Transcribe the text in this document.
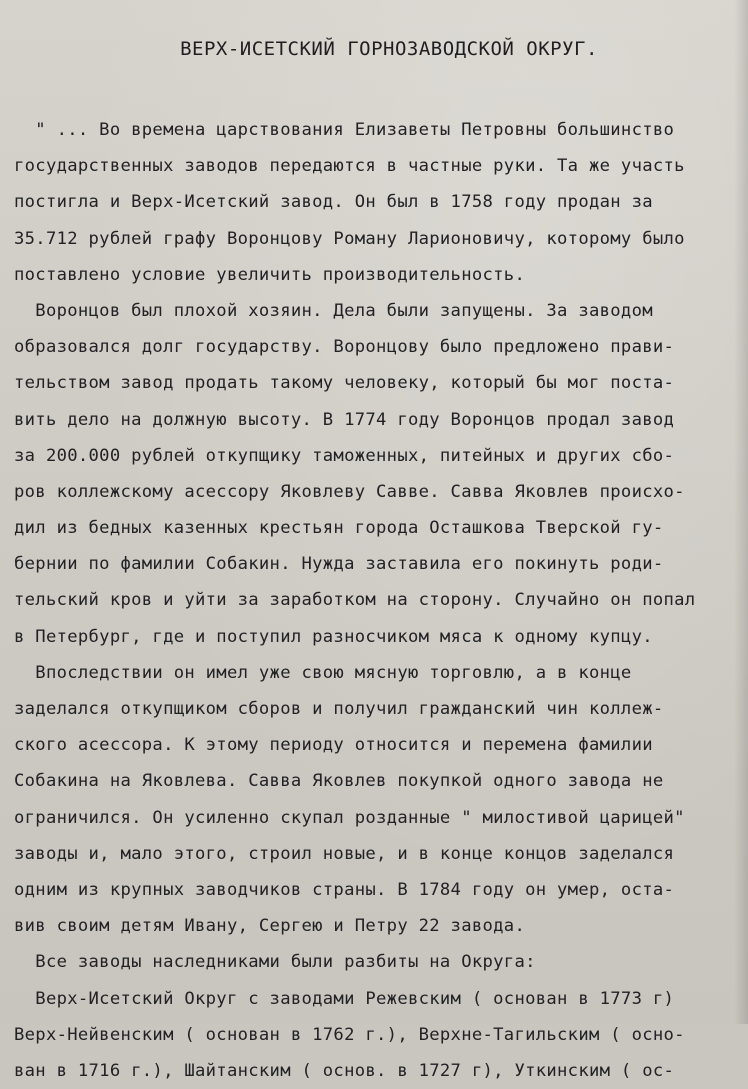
ВЕРХ-ИСЕТСКИЙ ГОРНОЗАВОДСКОЙ ОКРУГ.
" ... Во времена царствования Елизаветы Петровны большинство
государственных заводов передаются в частные руки. Та же участь
постигла и Верх-Исетский завод. Он был в 1758 году продан за
35.712 рублей графу Воронцову Роману Ларионовичу, которому было
поставлено условие увеличить производительность.
Воронцов был плохой хозяин. Дела были запущены. За заводом
образовался долг государству. Воронцову было предложено прави-
тельством завод продать такому человеку, который бы мог поста-
вить дело на должную высоту. В 1774 году Воронцов продал завод
за 200.000 рублей откупщику таможенных, питейных и других сбо-
ров коллежскому асессору Яковлеву Савве. Савва Яковлев происхо-
дил из бедных казенных крестьян города Осташкова Тверской гу-
бернии по фамилии Собакин. Нужда заставила его покинуть роди-
тельский кров и уйти за заработком на сторону. Случайно он попал
в Петербург, где и поступил разносчиком мяса к одному купцу.
Впоследствии он имел уже свою мясную торговлю, а в конце
заделался откупщиком сборов и получил гражданский чин коллеж-
ского асессора. К этому периоду относится и перемена фамилии
Собакина на Яковлева. Савва Яковлев покупкой одного завода не
ограничился. Он усиленно скупал розданные " милостивой царицей"
заводы и, мало этого, строил новые, и в конце концов заделался
одним из крупных заводчиков страны. В 1784 году он умер, оста-
вив своим детям Ивану, Сергею и Петру 22 завода.
Все заводы наследниками были разбиты на Округа:
Верх-Исетский Округ с заводами Режевским ( основан в 1773 г)
Верх-Нейвенским ( основан в 1762 г.), Верхне-Тагильским ( осно-
ван в 1716 г.), Шайтанским ( основ. в 1727 г), Уткинским ( ос-
